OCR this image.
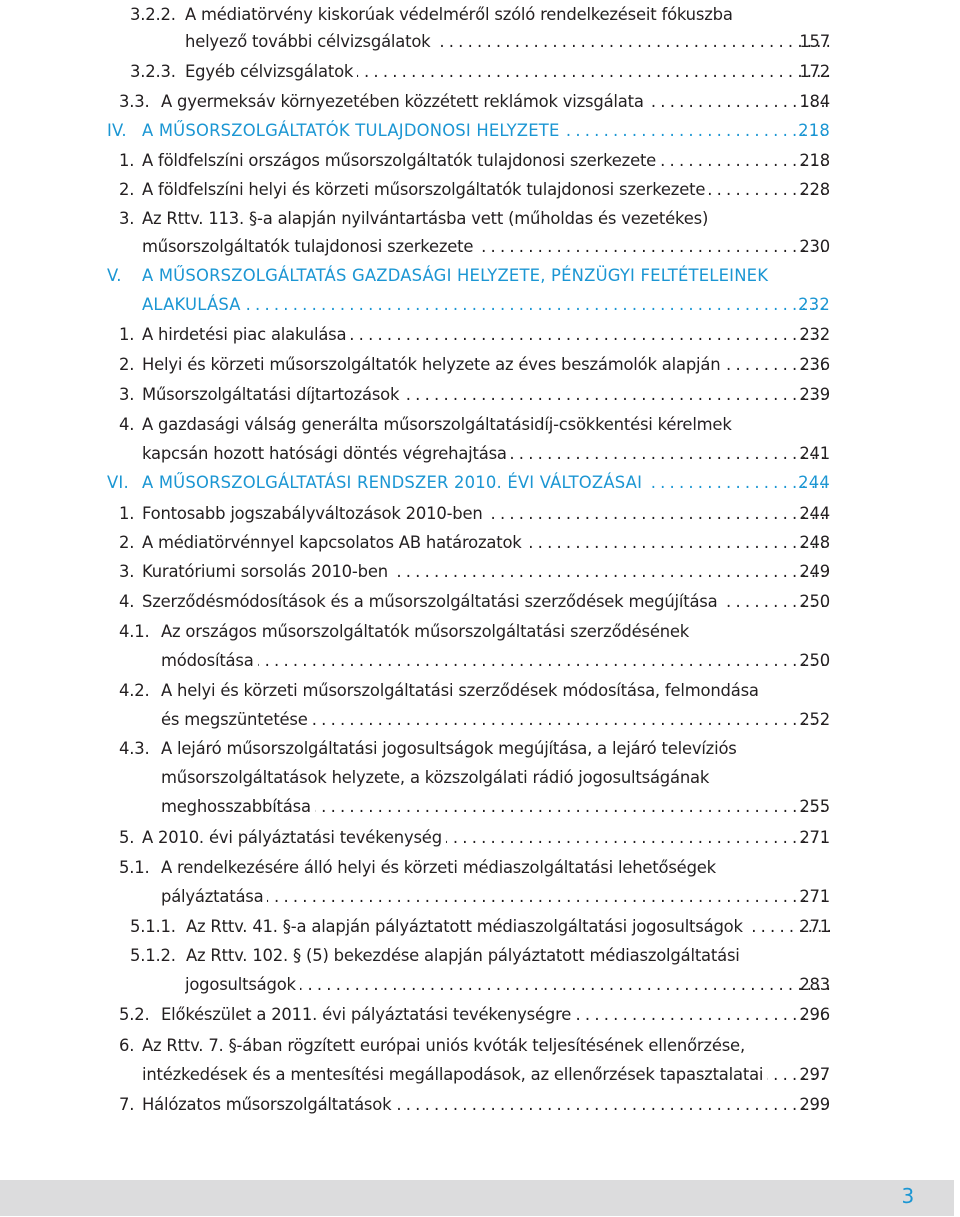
3.2.2. A médiatörvény kiskorúak védelméről szóló rendelkezéseit fókuszba
helyező további célvizsgálatok . . .	157
3.2.3. Egyéb célvizsgálatok . . .	172
3.3. A gyermeksáv környezetében közzétett reklámok vizsgálata . . .	184
IV. A MŰSORSZOLGÁLTATÓK TULAJDONOSI HELYZETE . . .	218
1. A földfelszíni országos műsorszolgáltatók tulajdonosi szerkezete . . .	218
2. A földfelszíni helyi és körzeti műsorszolgáltatók tulajdonosi szerkezete . . .	228
3. Az Rttv. 113. §-a alapján nyilvántartásba vett (műholdas és vezetékes)
műsorszolgáltatók tulajdonosi szerkezete . . .	230
V. A MŰSORSZOLGÁLTATÁS GAZDASÁGI HELYZETE, PÉNZÜGYI FELTÉTELEINEK
ALAKULÁSA . . .	232
1. A hirdetési piac alakulása . . .	232
2. Helyi és körzeti műsorszolgáltatók helyzete az éves beszámolók alapján . . .	236
3. Műsorszolgáltatási díjtartozások . . .	239
4. A gazdasági válság generálta műsorszolgáltatásidíj-csökkentési kérelmek
kapcsán hozott hatósági döntés végrehajtása . . .	241
VI. A MŰSORSZOLGÁLTATÁSI RENDSZER 2010. ÉVI VÁLTOZÁSAI . . .	244
1. Fontosabb jogszabályváltozások 2010-ben . . .	244
2. A médiatörvénnyel kapcsolatos AB határozatok . . .	248
3. Kuratóriumi sorsolás 2010-ben . . .	249
4. Szerződésmódosítások és a műsorszolgáltatási szerződések megújítása . . .	250
4.1. Az országos műsorszolgáltatók műsorszolgáltatási szerződésének
módosítása . . .	250
4.2. A helyi és körzeti műsorszolgáltatási szerződések módosítása, felmondása
és megszüntetése . . .	252
4.3. A lejáró műsorszolgáltatási jogosultságok megújítása, a lejáró televíziós
műsorszolgáltatások helyzete, a közszolgálati rádió jogosultságának
meghosszabbítása . . .	255
5. A 2010. évi pályáztatási tevékenység . . .	271
5.1. A rendelkezésére álló helyi és körzeti médiaszolgáltatási lehetőségek
pályáztatása . . .	271
5.1.1. Az Rttv. 41. §-a alapján pályáztatott médiaszolgáltatási jogosultságok . . .	271
5.1.2. Az Rttv. 102. § (5) bekezdése alapján pályáztatott médiaszolgáltatási
jogosultságok . . .	283
5.2. Előkészület a 2011. évi pályáztatási tevékenységre . . .	296
6. Az Rttv. 7. §-ában rögzített európai uniós kvóták teljesítésének ellenőrzése,
intézkedések és a mentesítési megállapodások, az ellenőrzések tapasztalatai . . .	297
7. Hálózatos műsorszolgáltatások . . .	299
3
